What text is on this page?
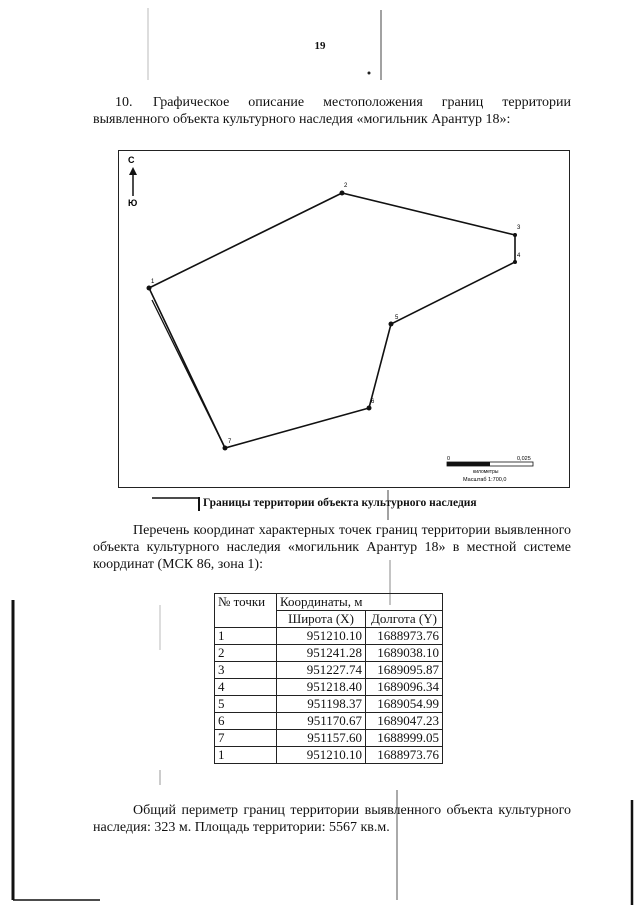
19
10. Графическое описание местоположения границ территории выявленного объекта культурного наследия «могильник Арантур 18»:
С
Ю
1
2
3
4
5
6
7
0	0,025
километры
Масштаб 1:700,0
Границы территории объекта культурного наследия
Перечень координат характерных точек границ территории выявленного объекта культурного наследия «могильник Арантур 18» в местной системе координат (МСК 86, зона 1):
№ точки	Координаты, м	
	Широта (X)	Долгота (Y)
1	951210.10	1688973.76
2	951241.28	1689038.10
3	951227.74	1689095.87
4	951218.40	1689096.34
5	951198.37	1689054.99
6	951170.67	1689047.23
7	951157.60	1688999.05
1	951210.10	1688973.76
Общий периметр границ территории выявленного объекта культурного наследия: 323 м. Площадь территории: 5567 кв.м.
